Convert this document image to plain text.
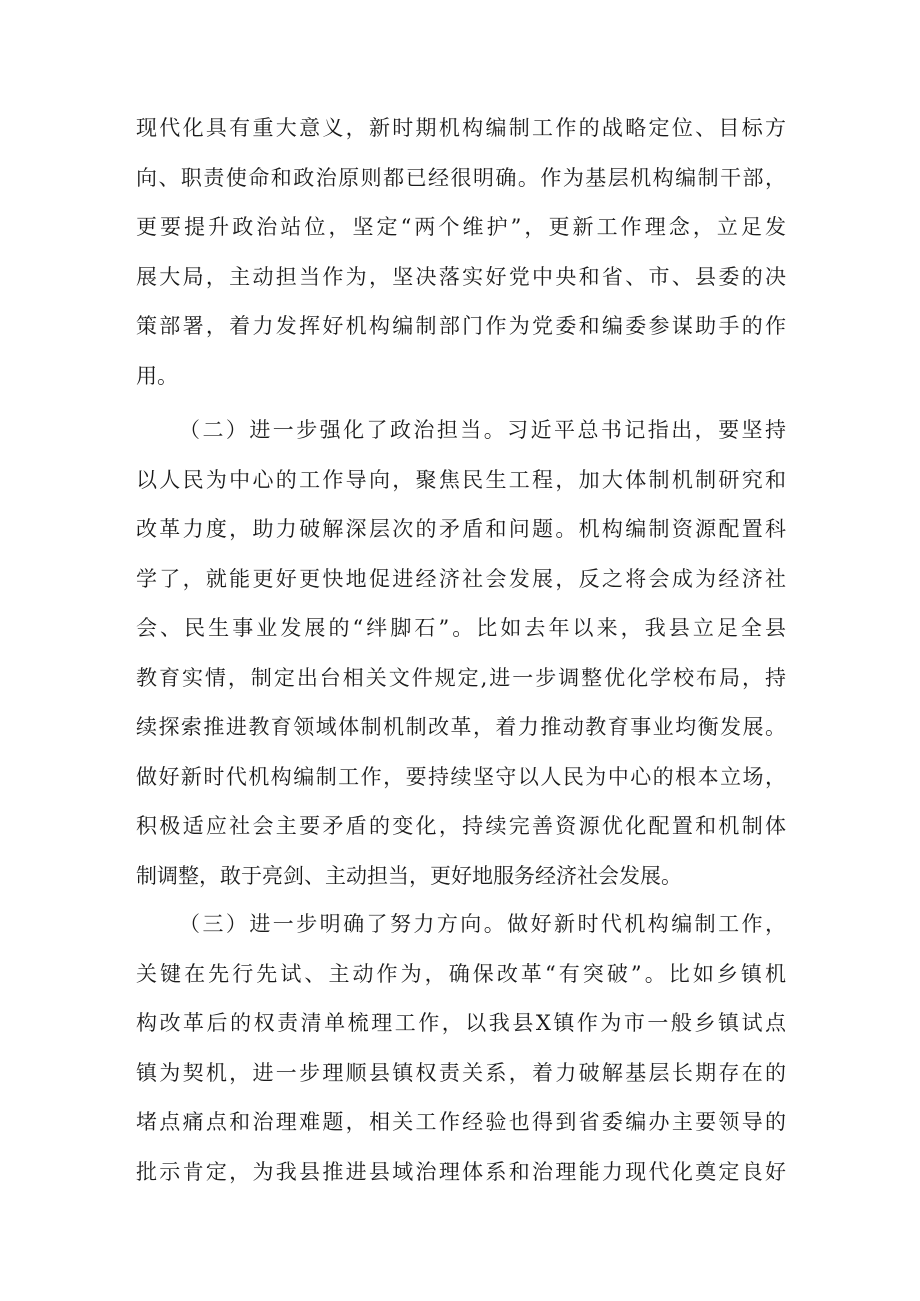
现代化具有重大意义，新时期机构编制工作的战略定位、目标方
向、职责使命和政治原则都已经很明确。作为基层机构编制干部，
更要提升政治站位，坚定“两个维护”，更新工作理念，立足发
展大局，主动担当作为，坚决落实好党中央和省、市、县委的决
策部署，着力发挥好机构编制部门作为党委和编委参谋助手的作
用。
（二）进一步强化了政治担当。习近平总书记指出，要坚持
以人民为中心的工作导向，聚焦民生工程，加大体制机制研究和
改革力度，助力破解深层次的矛盾和问题。机构编制资源配置科
学了，就能更好更快地促进经济社会发展，反之将会成为经济社
会、民生事业发展的“绊脚石”。比如去年以来，我县立足全县
教育实情，制定出台相关文件规定,进一步调整优化学校布局，持
续探索推进教育领域体制机制改革，着力推动教育事业均衡发展。
做好新时代机构编制工作，要持续坚守以人民为中心的根本立场，
积极适应社会主要矛盾的变化，持续完善资源优化配置和机制体
制调整，敢于亮剑、主动担当，更好地服务经济社会发展。
（三）进一步明确了努力方向。做好新时代机构编制工作，
关键在先行先试、主动作为，确保改革“有突破”。比如乡镇机
构改革后的权责清单梳理工作，以我县X镇作为市一般乡镇试点
镇为契机，进一步理顺县镇权责关系，着力破解基层长期存在的
堵点痛点和治理难题，相关工作经验也得到省委编办主要领导的
批示肯定，为我县推进县域治理体系和治理能力现代化奠定良好
